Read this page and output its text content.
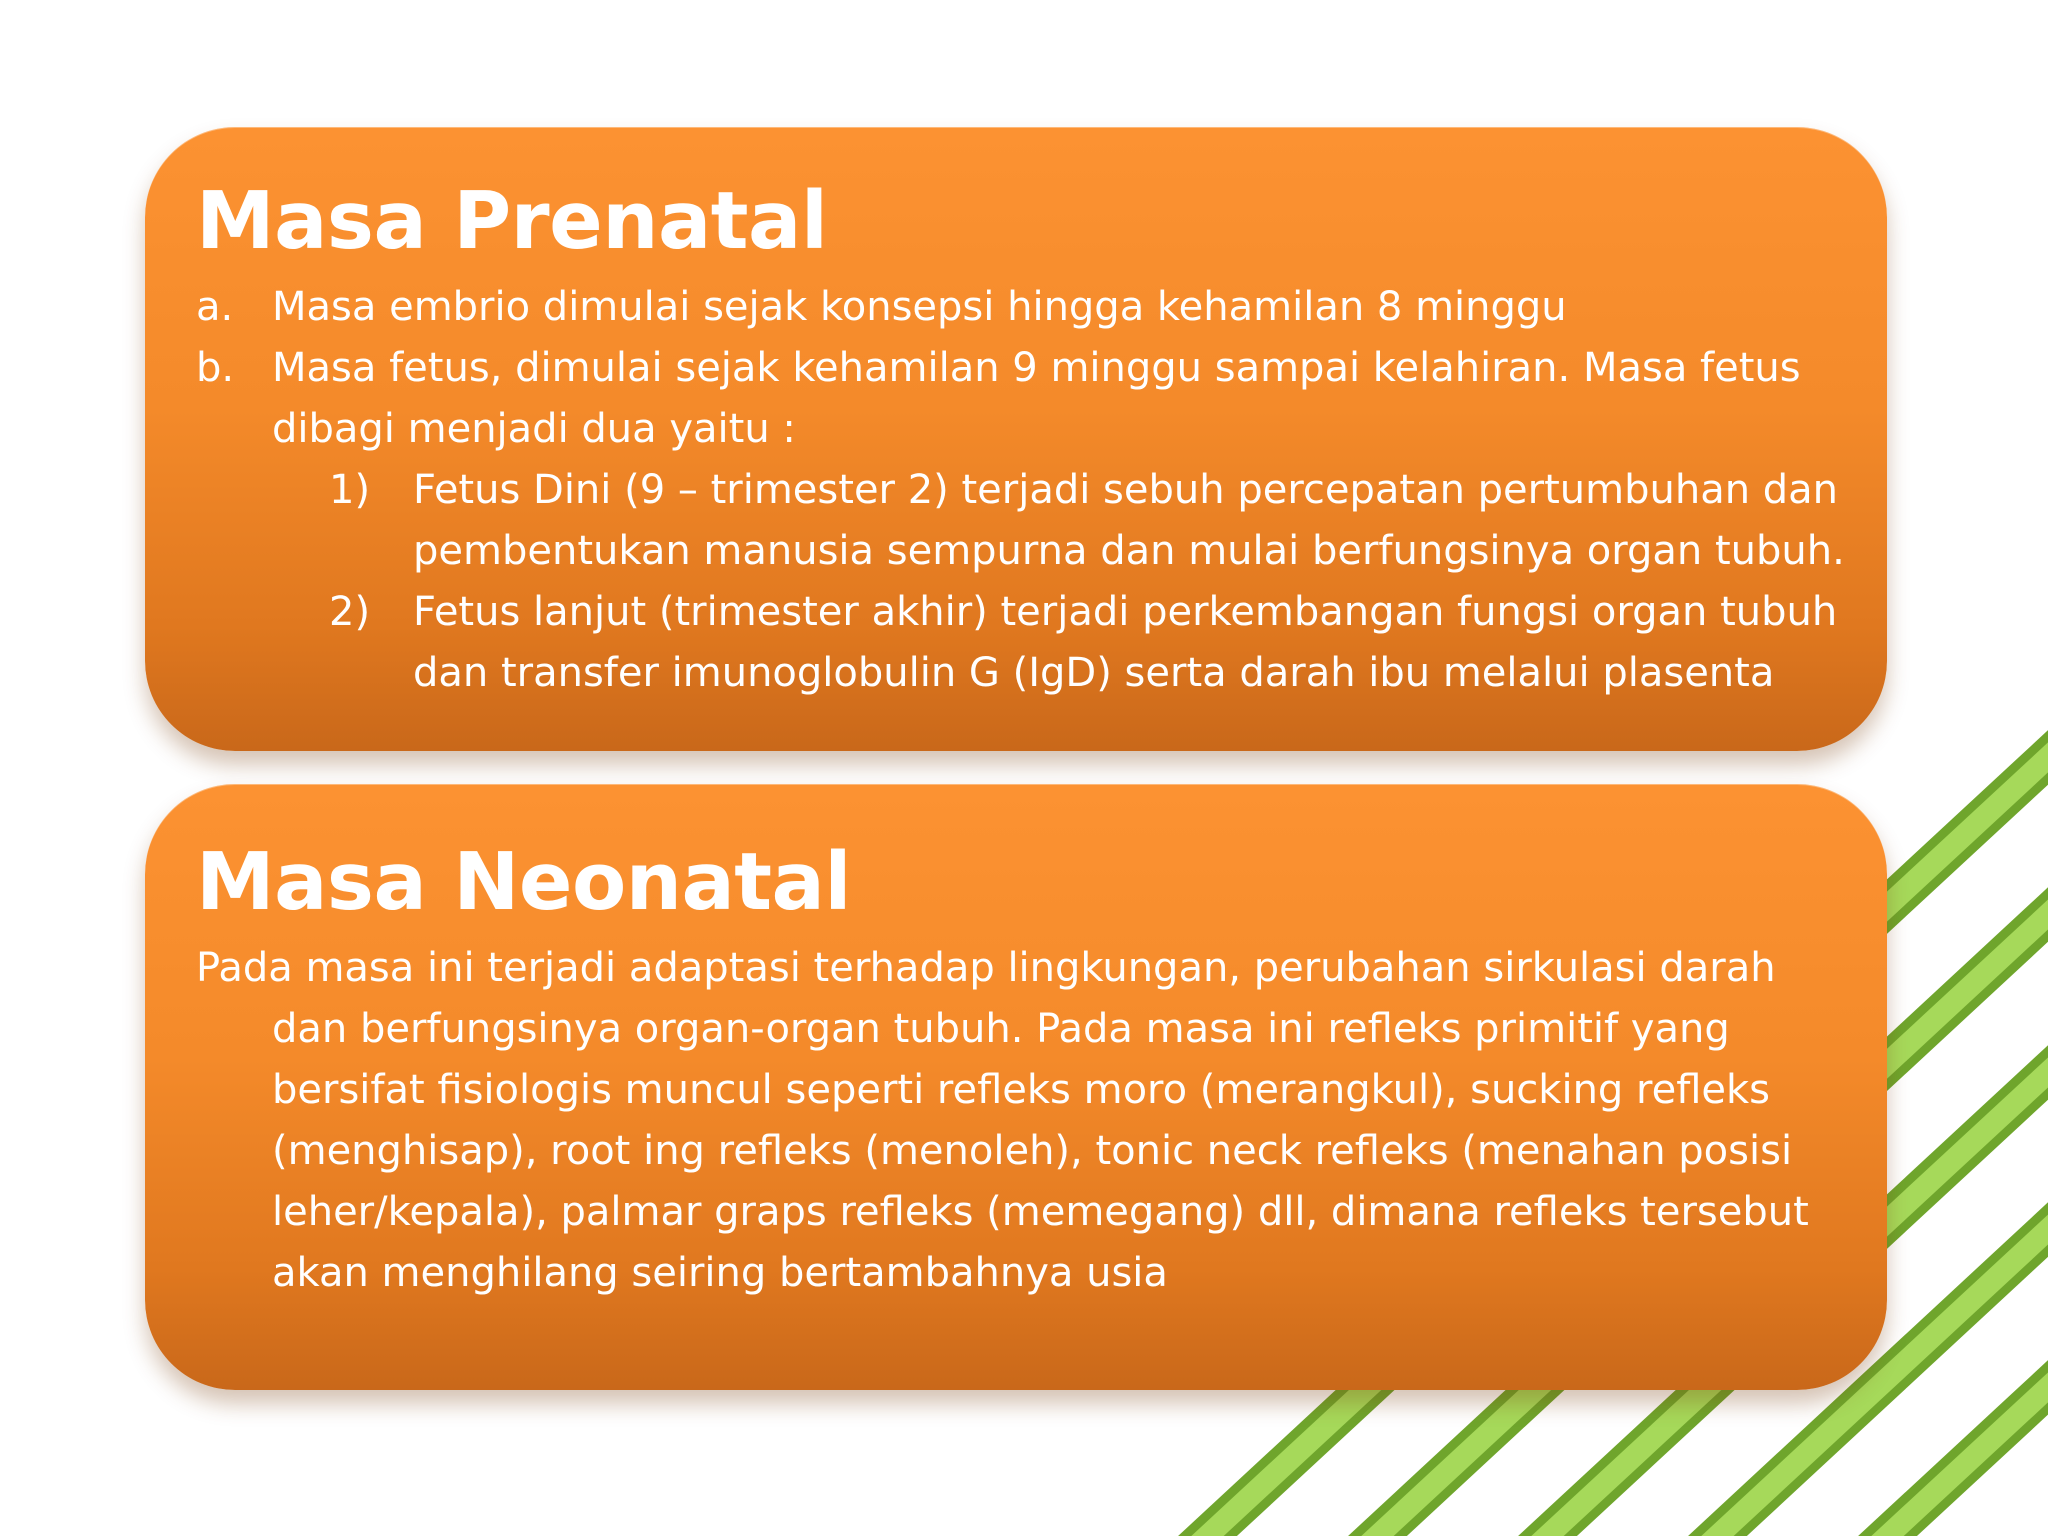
Masa Prenatal
a. Masa embrio dimulai sejak konsepsi hingga kehamilan 8 minggu
b. Masa fetus, dimulai sejak kehamilan 9 minggu sampai kelahiran. Masa fetus dibagi menjadi dua yaitu :
1)	Fetus Dini (9 – trimester 2) terjadi sebuh percepatan pertumbuhan dan pembentukan manusia sempurna dan mulai berfungsinya organ tubuh.
2)	Fetus lanjut (trimester akhir) terjadi perkembangan fungsi organ tubuh dan transfer imunoglobulin G (IgD) serta darah ibu melalui plasenta
Masa Neonatal
Pada masa ini terjadi adaptasi terhadap lingkungan, perubahan sirkulasi darah dan berfungsinya organ-organ tubuh. Pada masa ini refleks primitif yang bersifat fisiologis muncul seperti refleks moro (merangkul), sucking refleks (menghisap), root ing refleks (menoleh), tonic neck refleks (menahan posisi leher/kepala), palmar graps refleks (memegang) dll, dimana refleks tersebut akan menghilang seiring bertambahnya usia
